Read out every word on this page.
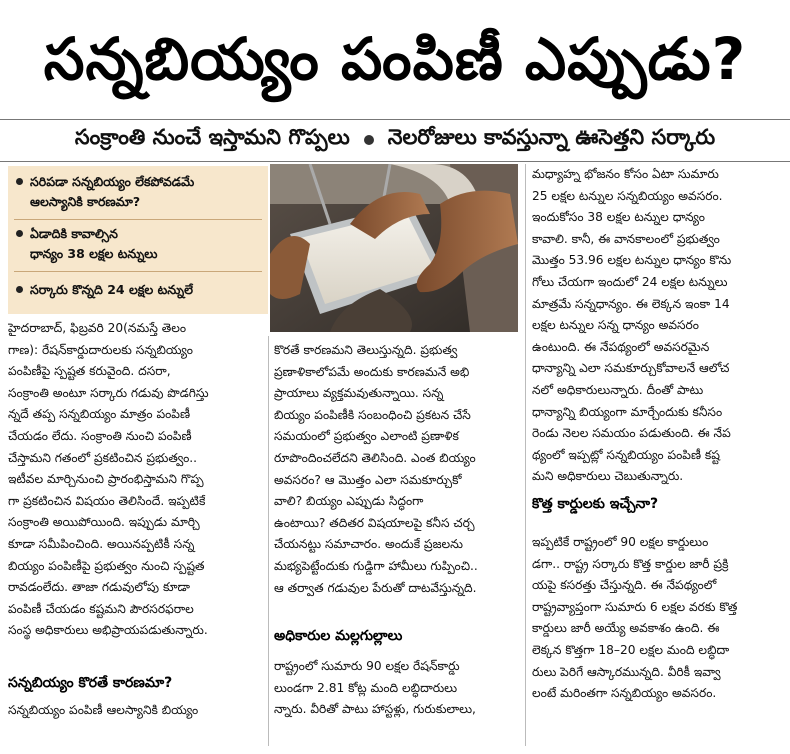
సన్నబియ్యం పంపిణీ ఎప్పుడు?
సంక్రాంతి నుంచే ఇస్తామని గొప్పలు నెలరోజులు కావస్తున్నా ఊసెత్తని సర్కారు
సరిపడా సన్నబియ్యం లేకపోవడమే
ఆలస్యానికి కారణమా?
ఏడాదికి కావాల్సిన
ధాన్యం 38 లక్షల టన్నులు
సర్కారు కొన్నది 24 లక్షల టన్నులే
హైదరాబాద్, ఫిబ్రవరి 20(నమస్తే తెలం
గాణ): రేషన్‌కార్డుదారులకు సన్నబియ్యం
పంపిణీపై స్పష్టత కరువైంది. దసరా,
సంక్రాంతి అంటూ సర్కారు గడువు పొడగిస్తు
న్నదే తప్ప సన్నబియ్యం మాత్రం పంపిణీ
చేయడం లేదు. సంక్రాంతి నుంచి పంపిణీ
చేస్తామని గతంలో ప్రకటించిన ప్రభుత్వం..
ఇటీవల మార్చినుంచి ప్రారంభిస్తామని గొప్ప
గా ప్రకటించిన విషయం తెలిసిందే. ఇప్పటికే
సంక్రాంతి అయిపోయింది. ఇప్పుడు మార్చి
కూడా సమీపించింది. అయినప్పటికీ సన్న
బియ్యం పంపిణీపై ప్రభుత్వం నుంచి స్పష్టత
రావడంలేదు. తాజా గడువులోపు కూడా
పంపిణీ చేయడం కష్టమని పౌరసరఫరాల
సంస్థ అధికారులు అభిప్రాయపడుతున్నారు.
సన్నబియ్యం కొరతే కారణమా?
సన్నబియ్యం పంపిణీ ఆలస్యానికి బియ్యం
కొరతే కారణమని తెలుస్తున్నది. ప్రభుత్వ
ప్రణాళికాలోపమే అందుకు కారణమనే అభి
ప్రాయాలు వ్యక్తమవుతున్నాయి. సన్న
బియ్యం పంపిణీకి సంబంధించి ప్రకటన చేసే
సమయంలో ప్రభుత్వం ఎలాంటి ప్రణాళిక
రూపొందించలేదని తెలిసింది. ఎంత బియ్యం
అవసరం? ఆ మొత్తం ఎలా సమకూర్చుకో
వాలి? బియ్యం ఎప్పుడు సిద్ధంగా
ఉంటాయి? తదితర విషయాలపై కనీస చర్చ
చేయనట్టు సమాచారం. అందుకే ప్రజలను
మభ్యపెట్టేందుకు గుడ్డిగా హామీలు గుప్పించి..
ఆ తర్వాత గడువుల పేరుతో దాటవేస్తున్నది.
అధికారుల మల్లగుల్లాలు
రాష్ట్రంలో సుమారు 90 లక్షల రేషన్‌కార్డు
లుండగా 2.81 కోట్ల మంది లబ్ధిదారులు
న్నారు. వీరితో పాటు హాస్టళ్లు, గురుకులాలు,
మధ్యాహ్న భోజనం కోసం ఏటా సుమారు
25 లక్షల టన్నుల సన్నబియ్యం అవసరం.
ఇందుకోసం 38 లక్షల టన్నుల ధాన్యం
కావాలి. కానీ, ఈ వానకాలంలో ప్రభుత్వం
మొత్తం 53.96 లక్షల టన్నుల ధాన్యం కొను
గోలు చేయగా ఇందులో 24 లక్షల టన్నులు
మాత్రమే సన్నధాన్యం. ఈ లెక్కన ఇంకా 14
లక్షల టన్నుల సన్న ధాన్యం అవసరం
ఉంటుంది. ఈ నేపథ్యంలో అవసరమైన
ధాన్యాన్ని ఎలా సమకూర్చుకోవాలనే ఆలోచ
నలో అధికారులున్నారు. దీంతో పాటు
ధాన్యాన్ని బియ్యంగా మార్చేందుకు కనీసం
రెండు నెలల సమయం పడుతుంది. ఈ నేప
థ్యంలో ఇప్పట్లో సన్నబియ్యం పంపిణీ కష్ట
మని అధికారులు చెబుతున్నారు.
కొత్త కార్డులకు ఇచ్చేనా?
ఇప్పటికే రాష్ట్రంలో 90 లక్షల కార్డులుం
డగా.. రాష్ట్ర సర్కారు కొత్త కార్డుల జారీ ప్రక్రి
యపై కసరత్తు చేస్తున్నది. ఈ నేపథ్యంలో
రాష్ట్రవ్యాప్తంగా సుమారు 6 లక్షల వరకు కొత్త
కార్డులు జారీ అయ్యే అవకాశం ఉంది. ఈ
లెక్కన కొత్తగా 18–20 లక్షల మంది లబ్ధిదా
రులు పెరిగే ఆస్కారమున్నది. వీరికీ ఇవ్వా
లంటే మరింతగా సన్నబియ్యం అవసరం.
